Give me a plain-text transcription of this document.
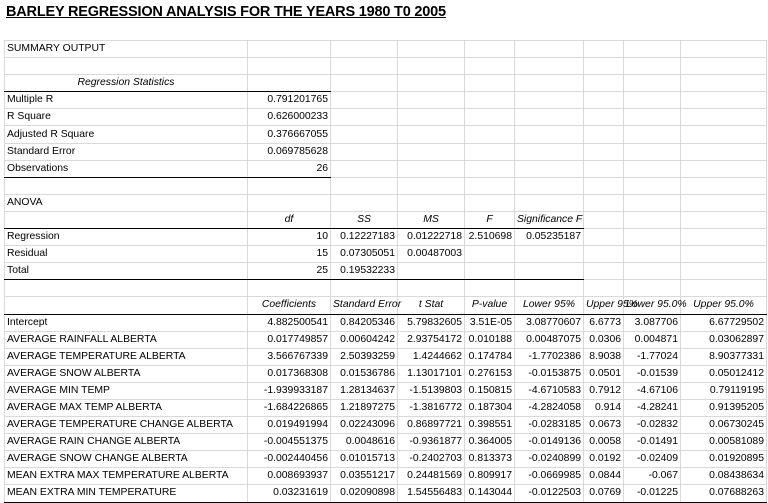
BARLEY REGRESSION ANALYSIS FOR THE YEARS 1980 T0 2005
SUMMARY OUTPUT								

Regression Statistics								
Multiple R	0.791201765							
R Square	0.626000233							
Adjusted R Square	0.376667055							
Standard Error	0.069785628							
Observations	26							

ANOVA								
	df	SS	MS	F	Significance F			
Regression	10	0.12227183	0.01222718	2.510698	0.05235187			
Residual	15	0.07305051	0.00487003					
Total	25	0.19532233						

	Coefficients	Standard Error	t Stat	P-value	Lower 95%	Upper 95%	Lower 95.0%	Upper 95.0%
Intercept	4.882500541	0.84205346	5.79832605	3.51E-05	3.08770607	6.6773	3.087706	6.67729502
AVERAGE RAINFALL ALBERTA	0.017749857	0.00604242	2.93754172	0.010188	0.00487075	0.0306	0.004871	0.03062897
AVERAGE TEMPERATURE ALBERTA	3.566767339	2.50393259	1.4244662	0.174784	-1.7702386	8.9038	-1.77024	8.90377331
AVERAGE SNOW ALBERTA	0.017368308	0.01536786	1.13017101	0.276153	-0.0153875	0.0501	-0.01539	0.05012412
AVERAGE MIN TEMP	-1.939933187	1.28134637	-1.5139803	0.150815	-4.6710583	0.7912	-4.67106	0.79119195
AVERAGE MAX TEMP ALBERTA	-1.684226865	1.21897275	-1.3816772	0.187304	-4.2824058	0.914	-4.28241	0.91395205
AVERAGE TEMPERATURE CHANGE ALBERTA	0.019491994	0.02243096	0.86897721	0.398551	-0.0283185	0.0673	-0.02832	0.06730245
AVERAGE RAIN CHANGE ALBERTA	-0.004551375	0.0048616	-0.9361877	0.364005	-0.0149136	0.0058	-0.01491	0.00581089
AVERAGE SNOW CHANGE ALBERTA	-0.002440456	0.01015713	-0.2402703	0.813373	-0.0240899	0.0192	-0.02409	0.01920895
MEAN EXTRA MAX TEMPERATURE ALBERTA	0.008693937	0.03551217	0.24481569	0.809917	-0.0669985	0.0844	-0.067	0.08438634
MEAN EXTRA MIN TEMPERATURE	0.03231619	0.02090898	1.54556483	0.143044	-0.0122503	0.0769	-0.01225	0.07688263
